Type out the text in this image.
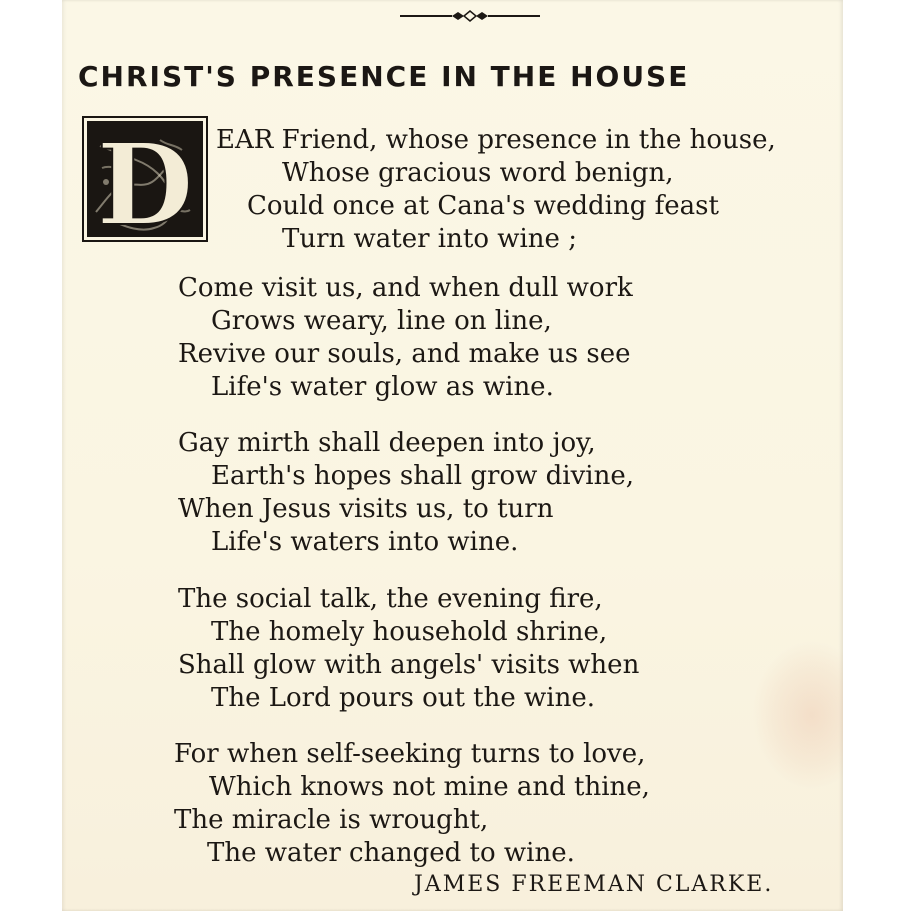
CHRIST'S PRESENCE IN THE HOUSE
D EAR Friend, whose presence in the house,
Whose gracious word benign,
Could once at Cana's wedding feast
Turn water into wine ;
Come visit us, and when dull work
Grows weary, line on line,
Revive our souls, and make us see
Life's water glow as wine.
Gay mirth shall deepen into joy,
Earth's hopes shall grow divine,
When Jesus visits us, to turn
Life's waters into wine.
The social talk, the evening fire,
The homely household shrine,
Shall glow with angels' visits when
The Lord pours out the wine.
For when self-seeking turns to love,
Which knows not mine and thine,
The miracle is wrought,
The water changed to wine.
JAMES FREEMAN CLARKE.
